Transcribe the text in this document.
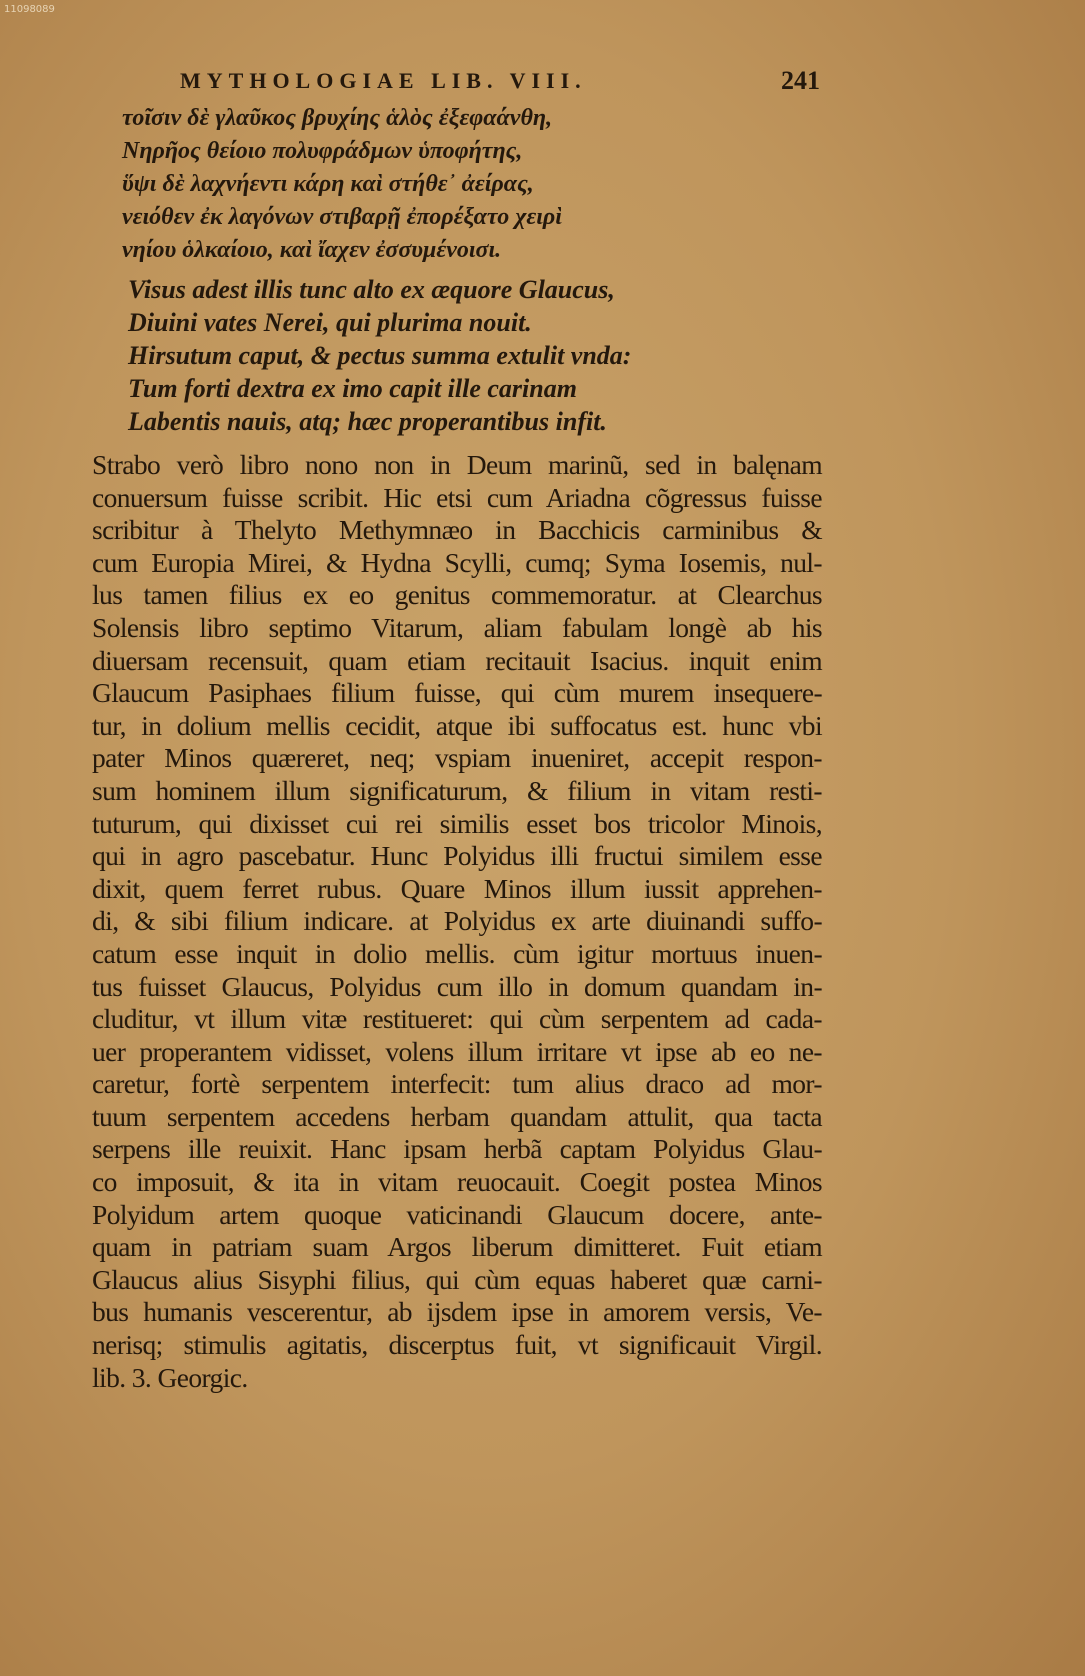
11098089
MYTHOLOGIAE LIB. VIII.	241
τοῖσιν δὲ γλαῦκος βρυχίης ἁλὸς ἐξεφαάνθη,
Νηρῆος θείοιο πολυφράδμων ὑποφήτης,
ὕψι δὲ λαχνήεντι κάρη καὶ στήθε᾽ ἀείρας,
νειόθεν ἐκ λαγόνων στιβαρῇ ἐπορέξατο χειρὶ
νηίου ὁλκαίοιο, καὶ ἴαχεν ἐσσυμένοισι.
Visus adest illis tunc alto ex æquore Glaucus,
Diuini vates Nerei, qui plurima nouit.
Hirsutum caput, & pectus summa extulit vnda:
Tum forti dextra ex imo capit ille carinam
Labentis nauis, atq; hæc properantibus infit.
Strabo verò libro nono non in Deum marinũ, sed in balęnam
conuersum fuisse scribit. Hic etsi cum Ariadna cõgressus fuisse
scribitur à Thelyto Methymnæo in Bacchicis carminibus &
cum Europia Mirei, & Hydna Scylli, cumq; Syma Iosemis, nul-
lus tamen filius ex eo genitus commemoratur. at Clearchus
Solensis libro septimo Vitarum, aliam fabulam longè ab his
diuersam recensuit, quam etiam recitauit Isacius. inquit enim
Glaucum Pasiphaes filium fuisse, qui cùm murem insequere-
tur, in dolium mellis cecidit, atque ibi suffocatus est. hunc vbi
pater Minos quæreret, neq; vspiam inueniret, accepit respon-
sum hominem illum significaturum, & filium in vitam resti-
tuturum, qui dixisset cui rei similis esset bos tricolor Minois,
qui in agro pascebatur. Hunc Polyidus illi fructui similem esse
dixit, quem ferret rubus. Quare Minos illum iussit apprehen-
di, & sibi filium indicare. at Polyidus ex arte diuinandi suffo-
catum esse inquit in dolio mellis. cùm igitur mortuus inuen-
tus fuisset Glaucus, Polyidus cum illo in domum quandam in-
cluditur, vt illum vitæ restitueret: qui cùm serpentem ad cada-
uer properantem vidisset, volens illum irritare vt ipse ab eo ne-
caretur, fortè serpentem interfecit: tum alius draco ad mor-
tuum serpentem accedens herbam quandam attulit, qua tacta
serpens ille reuixit. Hanc ipsam herbã captam Polyidus Glau-
co imposuit, & ita in vitam reuocauit. Coegit postea Minos
Polyidum artem quoque vaticinandi Glaucum docere, ante-
quam in patriam suam Argos liberum dimitteret. Fuit etiam
Glaucus alius Sisyphi filius, qui cùm equas haberet quæ carni-
bus humanis vescerentur, ab ijsdem ipse in amorem versis, Ve-
nerisq; stimulis agitatis, discerptus fuit, vt significauit Virgil.
lib. 3. Georgic.
